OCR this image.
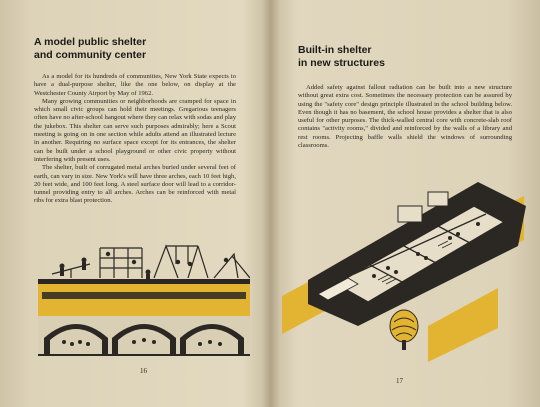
A model public shelter
and community center

As a model for its hundreds of communities, New York State expects to have a dual-purpose shelter, like the one below, on display at the Westchester County Airport by May of 1962.

Many growing communities or neighborhoods are cramped for space in which small civic groups can hold their meetings. Gregarious teenagers often have no after-school hangout where they can relax with sodas and play the jukebox. This shelter can serve such purposes admirably; here a Scout meeting is going on in one section while adults attend an illustrated lecture in another. Requiring no surface space except for its entrances, the shelter can be built under a school playground or other civic property without interfering with present uses.

The shelter, built of corrugated metal arches buried under several feet of earth, can vary in size. New York's will have three arches, each 10 feet high, 20 feet wide, and 100 feet long. A steel surface door will lead to a corridor-tunnel providing entry to all arches. Arches can be reinforced with metal ribs for extra blast protection.

16
Built-in shelter
in new structures

Added safety against fallout radiation can be built into a new structure without great extra cost. Sometimes the necessary protection can be assured by using the "safety core" design principle illustrated in the school building below. Even though it has no basement, the school house provides a shelter that is also useful for other purposes. The thick-walled central core with concrete-slab roof contains "activity rooms," divided and reinforced by the walls of a library and rest rooms. Projecting baffle walls shield the windows of surrounding classrooms.

17
